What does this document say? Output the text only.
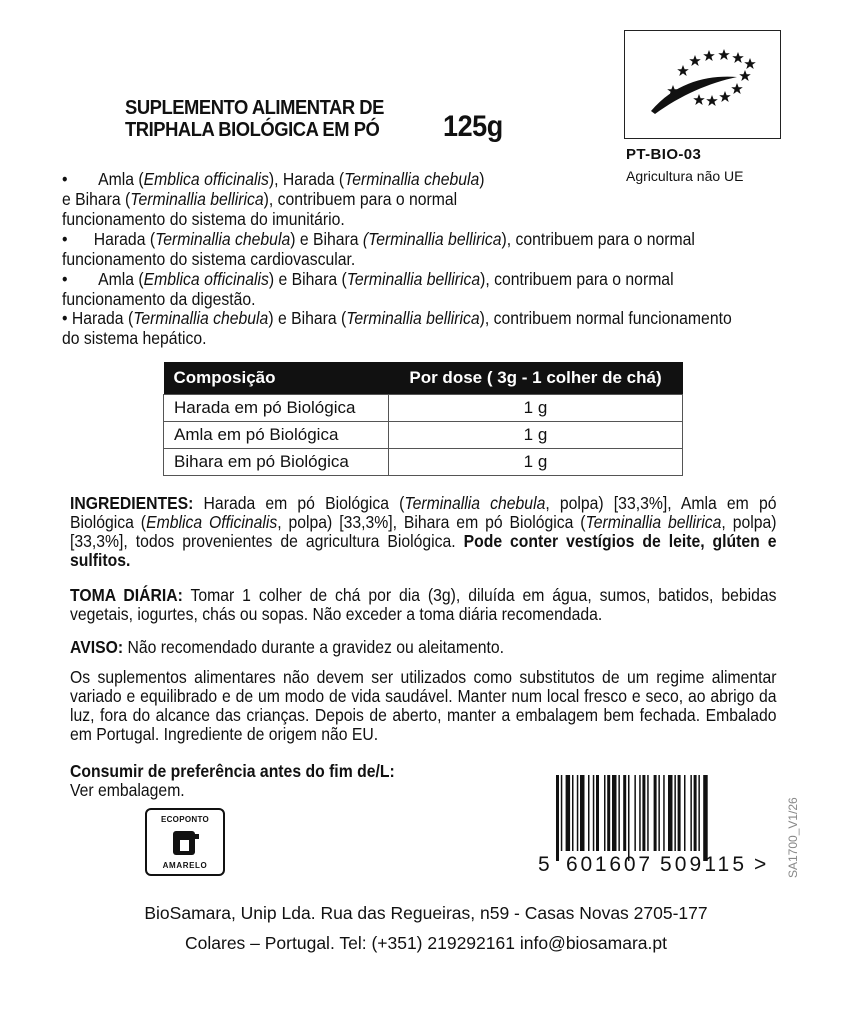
SUPLEMENTO ALIMENTAR DE
TRIPHALA BIOLÓGICA EM PÓ 125g
PT-BIO-03
Agricultura não UE

• Amla (Emblica officinalis), Harada (Terminallia chebula)

e Bihara (Terminallia bellirica), contribuem para o normal

funcionamento do sistema do imunitário.

• Harada (Terminallia chebula) e Bihara (Terminallia bellirica), contribuem para o normal

funcionamento do sistema cardiovascular.

• Amla (Emblica officinalis) e Bihara (Terminallia bellirica), contribuem para o normal

funcionamento da digestão.

• Harada (Terminallia chebula) e Bihara (Terminallia bellirica), contribuem normal funcionamento

do sistema hepático.

Composição	Por dose ( 3g - 1 colher de chá)
Harada em pó Biológica	1 g
Amla em pó Biológica	1 g
Bihara em pó Biológica	1 g

INGREDIENTES: Harada em pó Biológica (Terminallia chebula, polpa) [33,3%], Amla em pó Biológica (Emblica Officinalis, polpa) [33,3%], Bihara em pó Biológica (Terminallia bellirica, polpa) [33,3%], todos provenientes de agricultura Biológica. Pode conter vestígios de leite, glúten e sulfitos.

TOMA DIÁRIA: Tomar 1 colher de chá por dia (3g), diluída em água, sumos, batidos, bebidas vegetais, iogurtes, chás ou sopas. Não exceder a toma diária recomendada.

AVISO: Não recomendado durante a gravidez ou aleitamento.

Os suplementos alimentares não devem ser utilizados como substitutos de um regime alimentar variado e equilibrado e de um modo de vida saudável. Manter num local fresco e seco, ao abrigo da luz, fora do alcance das crianças. Depois de aberto, manter a embalagem bem fechada. Embalado em Portugal. Ingrediente de origem não EU.

Consumir de preferência antes do fim de/L:

Ver embalagem.

ECOPONTO
AMARELO	5 601607 509115 > SA1700_V1/26
BioSamara, Unip Lda. Rua das Regueiras, n59 - Casas Novas 2705-177
Colares – Portugal. Tel: (+351) 219292161 info@biosamara.pt
